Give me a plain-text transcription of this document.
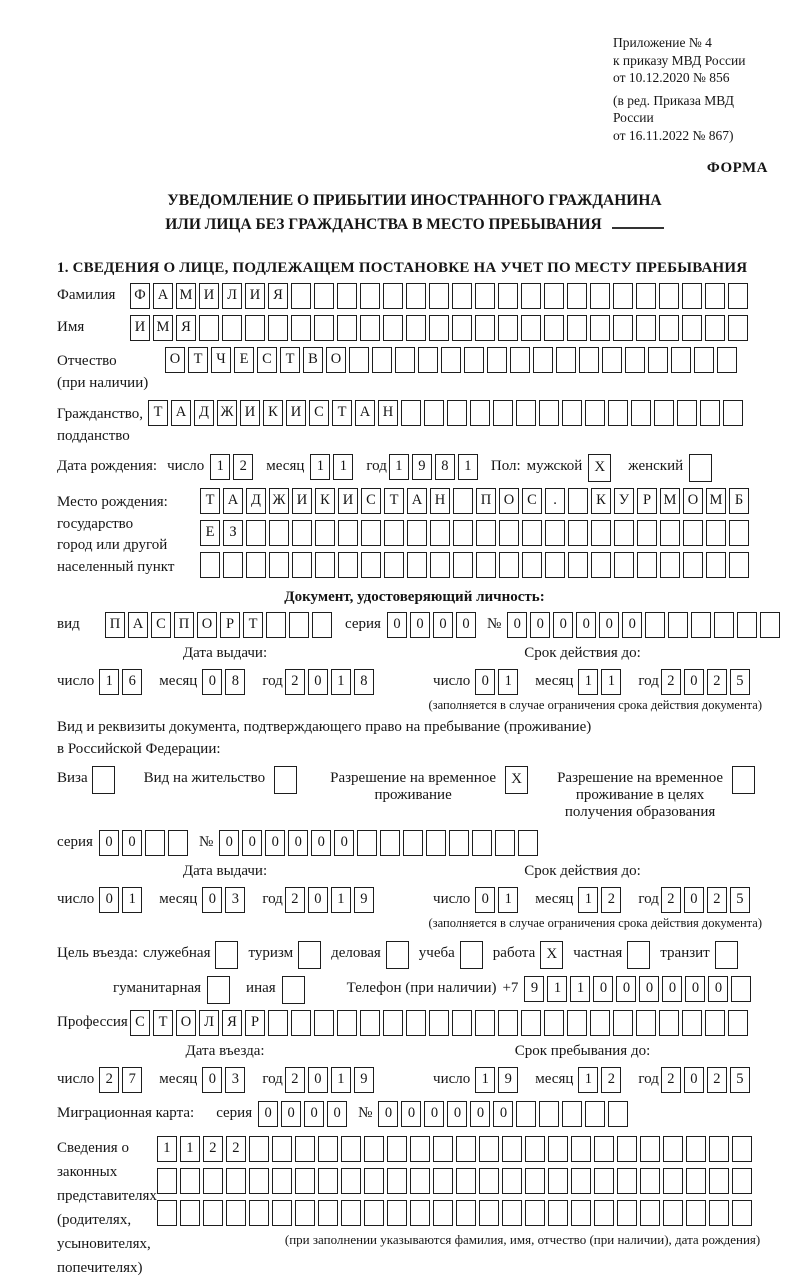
Приложение № 4
к приказу МВД России
от 10.12.2020 № 856
(в ред. Приказа МВД России
от 16.11.2022 № 867)
ФОРМА
УВЕДОМЛЕНИЕ О ПРИБЫТИИ ИНОСТРАННОГО ГРАЖДАНИНА
ИЛИ ЛИЦА БЕЗ ГРАЖДАНСТВА В МЕСТО ПРЕБЫВАНИЯ
1. СВЕДЕНИЯ О ЛИЦЕ, ПОДЛЕЖАЩЕМ ПОСТАНОВКЕ НА УЧЕТ ПО МЕСТУ ПРЕБЫВАНИЯ
Фамилия	Ф А М И Л И Я
Имя	И М Я
Отчество
(при наличии)
О Т Ч Е С Т В О
Гражданство,
подданство
Т А Д Ж И К И С Т А Н
Дата рождения: число 1	2	месяц 1	1	год 1	9	8	1	Пол: мужской X	женский
Место рождения:
государство
город или другой
населенный пункт
Т А Д Ж И К И С Т А Н	П О С	.	К У Р М О М Б

Е	З

Документ, удостоверяющий личность:
вид	П А С П О Р	Т	серия 0	0	0	0	№ 0	0	0	0	0	0
Дата выдачи:	Срок действия до:
число 1	6	месяц 0	8	год 2	0	1	8	число 0	1	месяц 1	1	год 2	0	2	5
(заполняется в случае ограничения срока действия документа)
Вид и реквизиты документа, подтверждающего право на пребывание (проживание)
в Российской Федерации:
Виза	Вид на жительство	Разрешение на временное
проживание
X	Разрешение на временное
проживание в целях
получения образования
серия 0	0	№ 0	0	0	0	0	0
Дата выдачи:	Срок действия до:
число 0	1	месяц 0	3	год 2	0	1	9	число 0	1	месяц 1	2	год 2	0	2	5
(заполняется в случае ограничения срока действия документа)
Цель въезда: служебная	туризм	деловая	учеба	работа X	частная	транзит
гуманитарная	иная	Телефон (при наличии) +7 9	1	1	0	0	0	0	0	0
Профессия С Т О Л Я Р
Дата въезда:	Срок пребывания до:
число 2	7	месяц 0	3	год 2	0	1	9	число 1	9	месяц 1	2	год 2	0	2	5
Миграционная карта: серия 0	0	0	0	№ 0	0	0	0	0	0
Сведения о
законных
представителях
(родителях,
усыновителях,
попечителях)
1	1	2	2
(при заполнении указываются фамилия, имя, отчество (при наличии), дата рождения)
